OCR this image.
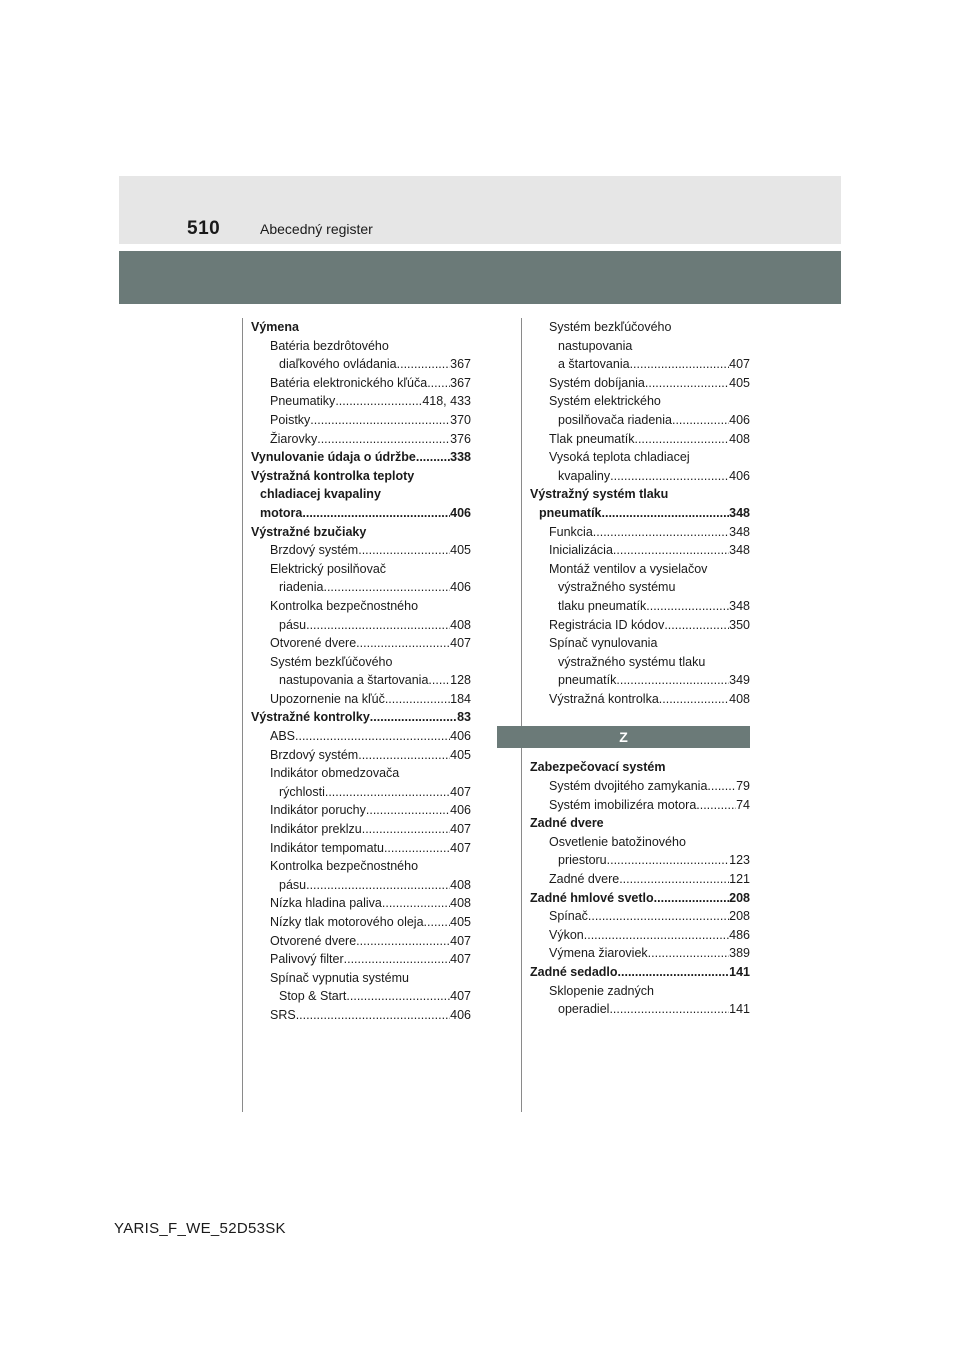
510	Abecedný register
Výmena
Batéria bezdrôtového
diaľkového ovládania .....	367
Batéria elektronického kľúča ..... 367
Pneumatiky .....	418, 433
Poistky .....	370
Žiarovky .....	376
Vynulovanie údaja o údržbe .....	338
Výstražná kontrolka teploty
chladiacej kvapaliny
motora .....	406
Výstražné bzučiaky
Brzdový systém .....	405
Elektrický posilňovač
riadenia .....	406
Kontrolka bezpečnostného
pásu .....	408
Otvorené dvere .....	407
Systém bezkľúčového
nastupovania a štartovania ..... 128
Upozornenie na kľúč .....	184
Výstražné kontrolky .....	83
ABS .....	406
Brzdový systém .....	405
Indikátor obmedzovača
rýchlosti .....	407
Indikátor poruchy .....	406
Indikátor preklzu .....	407
Indikátor tempomatu .....	407
Kontrolka bezpečnostného
pásu .....	408
Nízka hladina paliva .....	408
Nízky tlak motorového oleja ..... 405
Otvorené dvere .....	407
Palivový filter .....	407
Spínač vypnutia systému
Stop & Start .....	407
SRS .....	406
Systém bezkľúčového
nastupovania
a štartovania .....	407
Systém dobíjania .....	405
Systém elektrického
posilňovača riadenia .....	406
Tlak pneumatík .....	408
Vysoká teplota chladiacej
kvapaliny .....	406
Výstražný systém tlaku
pneumatík .....	348
Funkcia .....	348
Inicializácia .....	348
Montáž ventilov a vysielačov
výstražného systému
tlaku pneumatík .....	348
Registrácia ID kódov .....	350
Spínač vynulovania
výstražného systému tlaku
pneumatík .....	349
Výstražná kontrolka .....	408
Z
Zabezpečovací systém
Systém dvojitého zamykania ..... 79
Systém imobilizéra motora .....	74
Zadné dvere
Osvetlenie batožinového
priestoru .....	123
Zadné dvere .....	121
Zadné hmlové svetlo .....	208
Spínač .....	208
Výkon .....	486
Výmena žiaroviek .....	389
Zadné sedadlo .....	141
Sklopenie zadných
operadiel .....	141
YARIS_F_WE_52D53SK
